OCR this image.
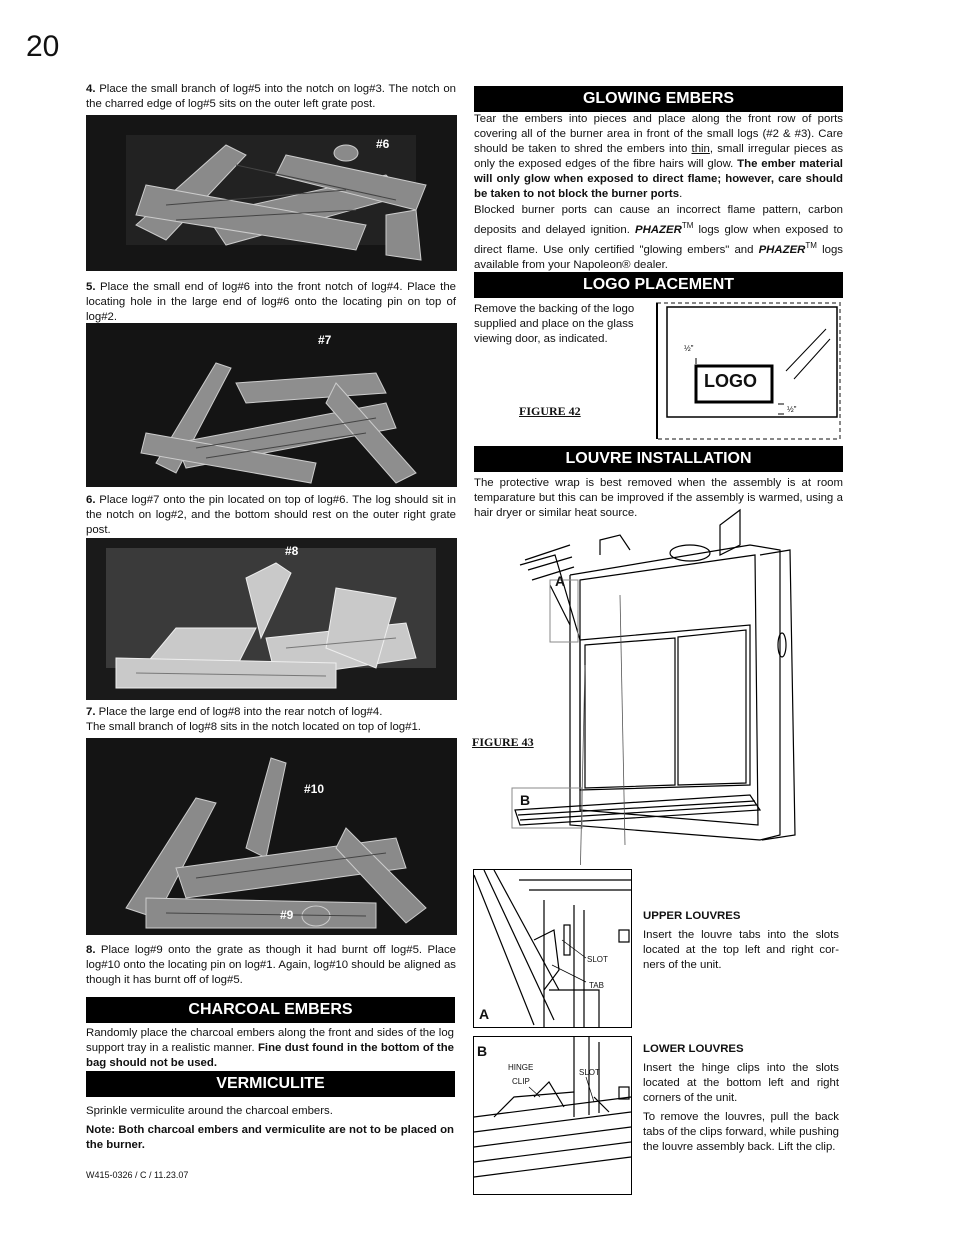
20

4. Place the small branch of log#5 into the notch on log#3. The notch on the charred edge of log#5 sits on the outer left grate post.

#6

5. Place the small end of log#6 into the front notch of log#4. Place the locating hole in the large end of log#6 onto the locating pin on top of log#2.

#7

6. Place log#7 onto the pin located on top of log#6. The log should sit in the notch on log#2, and the bottom should rest on the outer right grate post.

#8

7. Place the large end of log#8 into the rear notch of log#4.
The small branch of log#8 sits in the notch located on top of log#1.

#10
#9

8. Place log#9 onto the grate as though it had burnt off log#5. Place log#10 onto the locating pin on log#1. Again, log#10 should be aligned as though it has burnt off of log#5.

CHARCOAL EMBERS

Randomly place the charcoal embers along the front and sides of the log support tray in a realistic manner. Fine dust found in the bottom of the bag should not be used.

VERMICULITE

Sprinkle vermiculite around the charcoal embers.

Note: Both charcoal embers and vermiculite are not to be placed on the burner.

W415-0326 / C / 11.23.07
GLOWING EMBERS

Tear the embers into pieces and place along the front row of ports covering all of the burner area in front of the small logs (#2 & #3). Care should be taken to shred the embers into thin, small irregular pieces as only the exposed edges of the fibre hairs will glow. The ember material will only glow when exposed to direct flame; however, care should be taken to not block the burner ports.

Blocked burner ports can cause an incorrect flame pattern, carbon deposits and delayed ignition. PHAZER™ logs glow when exposed to direct flame. Use only certified "glowing embers" and PHAZER™ logs available from your Napoleon® dealer.

LOGO PLACEMENT

Remove the backing of the logo supplied and place on the glass viewing door, as indicated.

FIGURE 42
LOGO
½"
½"
LOUVRE INSTALLATION

The protective wrap is best removed when the assembly is at room temparature but this can be improved if the assembly is warmed, using a hair dryer or similar heat source.

A
B
FIGURE 43
SLOT
TAB
A

UPPER LOUVRES

Insert the louvre tabs into the slots located at the top left and right cor-ners of the unit.

B
HINGE
CLIP
SLOT

LOWER LOUVRES

Insert the hinge clips into the slots located at the bottom left and right corners of the unit.

To remove the louvres, pull the back tabs of the clips forward, while pushing the louvre assembly back. Lift the clip.
